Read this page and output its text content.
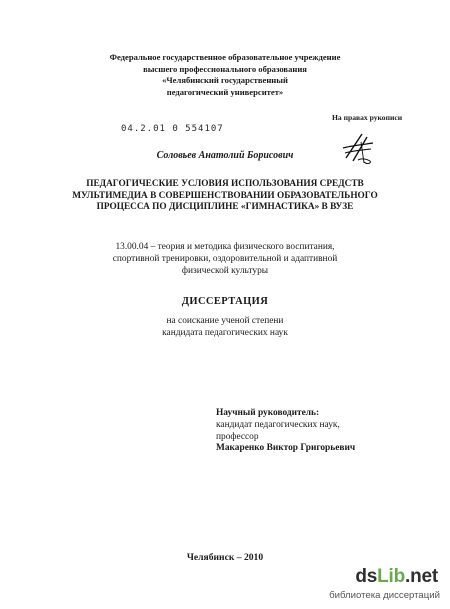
Федеральное государственное образовательное учреждение
высшего профессионального образования
«Челябинский государственный
педагогический университет»
На правах рукописи
04.2.01 0 554107
Соловьев Анатолий Борисович
ПЕДАГОГИЧЕСКИЕ УСЛОВИЯ ИСПОЛЬЗОВАНИЯ СРЕДСТВ
МУЛЬТИМЕДИА В СОВЕРШЕНСТВОВАНИИ ОБРАЗОВАТЕЛЬНОГО
ПРОЦЕССА ПО ДИСЦИПЛИНЕ «ГИМНАСТИКА» В ВУЗЕ
13.00.04 – теория и методика физического воспитания,
спортивной тренировки, оздоровительной и адаптивной
физической культуры
ДИССЕРТАЦИЯ
на соискание ученой степени
кандидата педагогических наук
Научный руководитель:
кандидат педагогических наук,
профессор
Макаренко Виктор Григорьевич
Челябинск – 2010
dsLib.net
библиотека диссертаций
